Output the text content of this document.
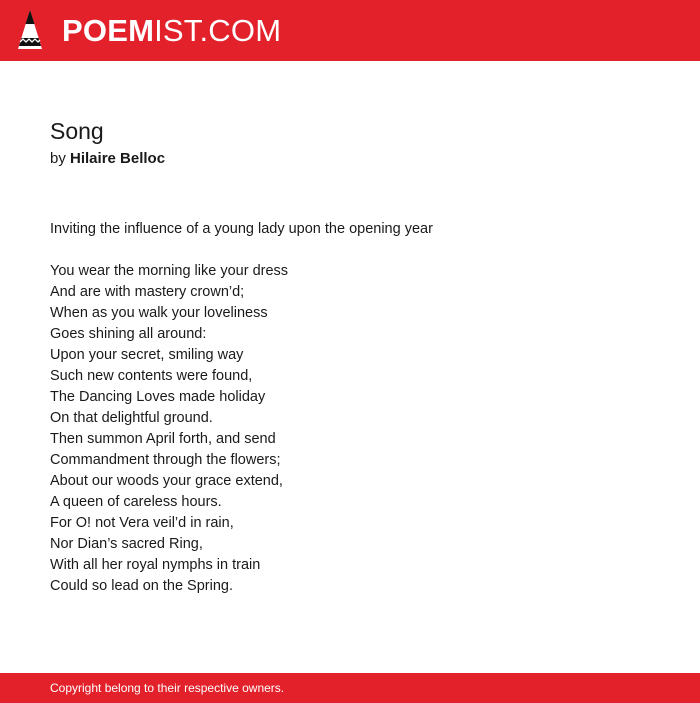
POEMIST.COM
Song
by Hilaire Belloc
Inviting the influence of a young lady upon the opening year
You wear the morning like your dress
And are with mastery crown’d;
When as you walk your loveliness
Goes shining all around:
Upon your secret, smiling way
Such new contents were found,
The Dancing Loves made holiday
On that delightful ground.
Then summon April forth, and send
Commandment through the flowers;
About our woods your grace extend,
A queen of careless hours.
For O! not Vera veil’d in rain,
Nor Dian’s sacred Ring,
With all her royal nymphs in train
Could so lead on the Spring.
Copyright belong to their respective owners.
